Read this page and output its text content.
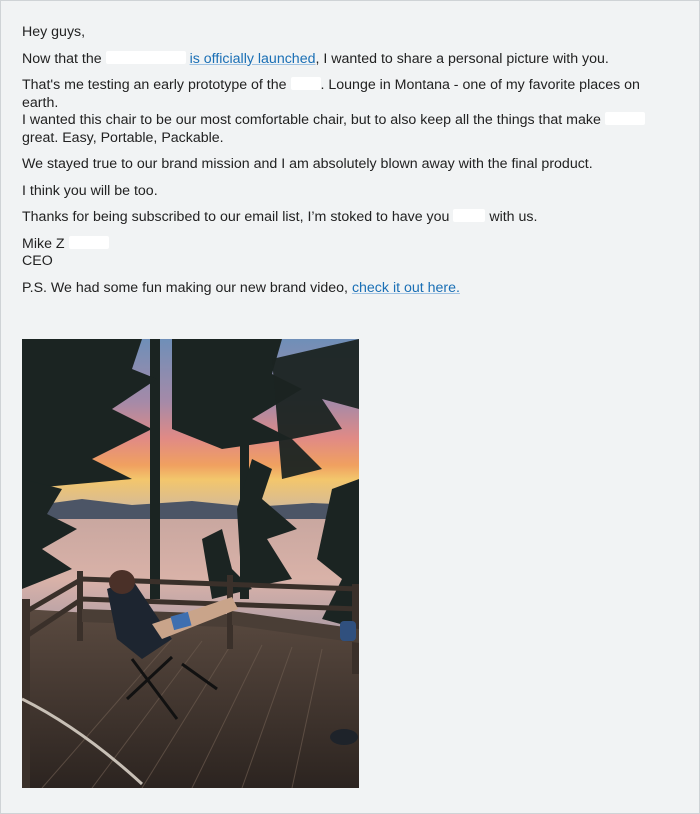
Hey guys,
Now that the	is officially launched, I wanted to share a personal picture with you.
That's me testing an early prototype of the . Lounge in Montana - one of my favorite places on earth.
I wanted this chair to be our most comfortable chair, but to also keep all the things that make
great. Easy, Portable, Packable.
We stayed true to our brand mission and I am absolutely blown away with the final product.
I think you will be too.
Thanks for being subscribed to our email list, I’m stoked to have you	with us.
Mike Z
CEO
P.S. We had some fun making our new brand video, check it out here.
